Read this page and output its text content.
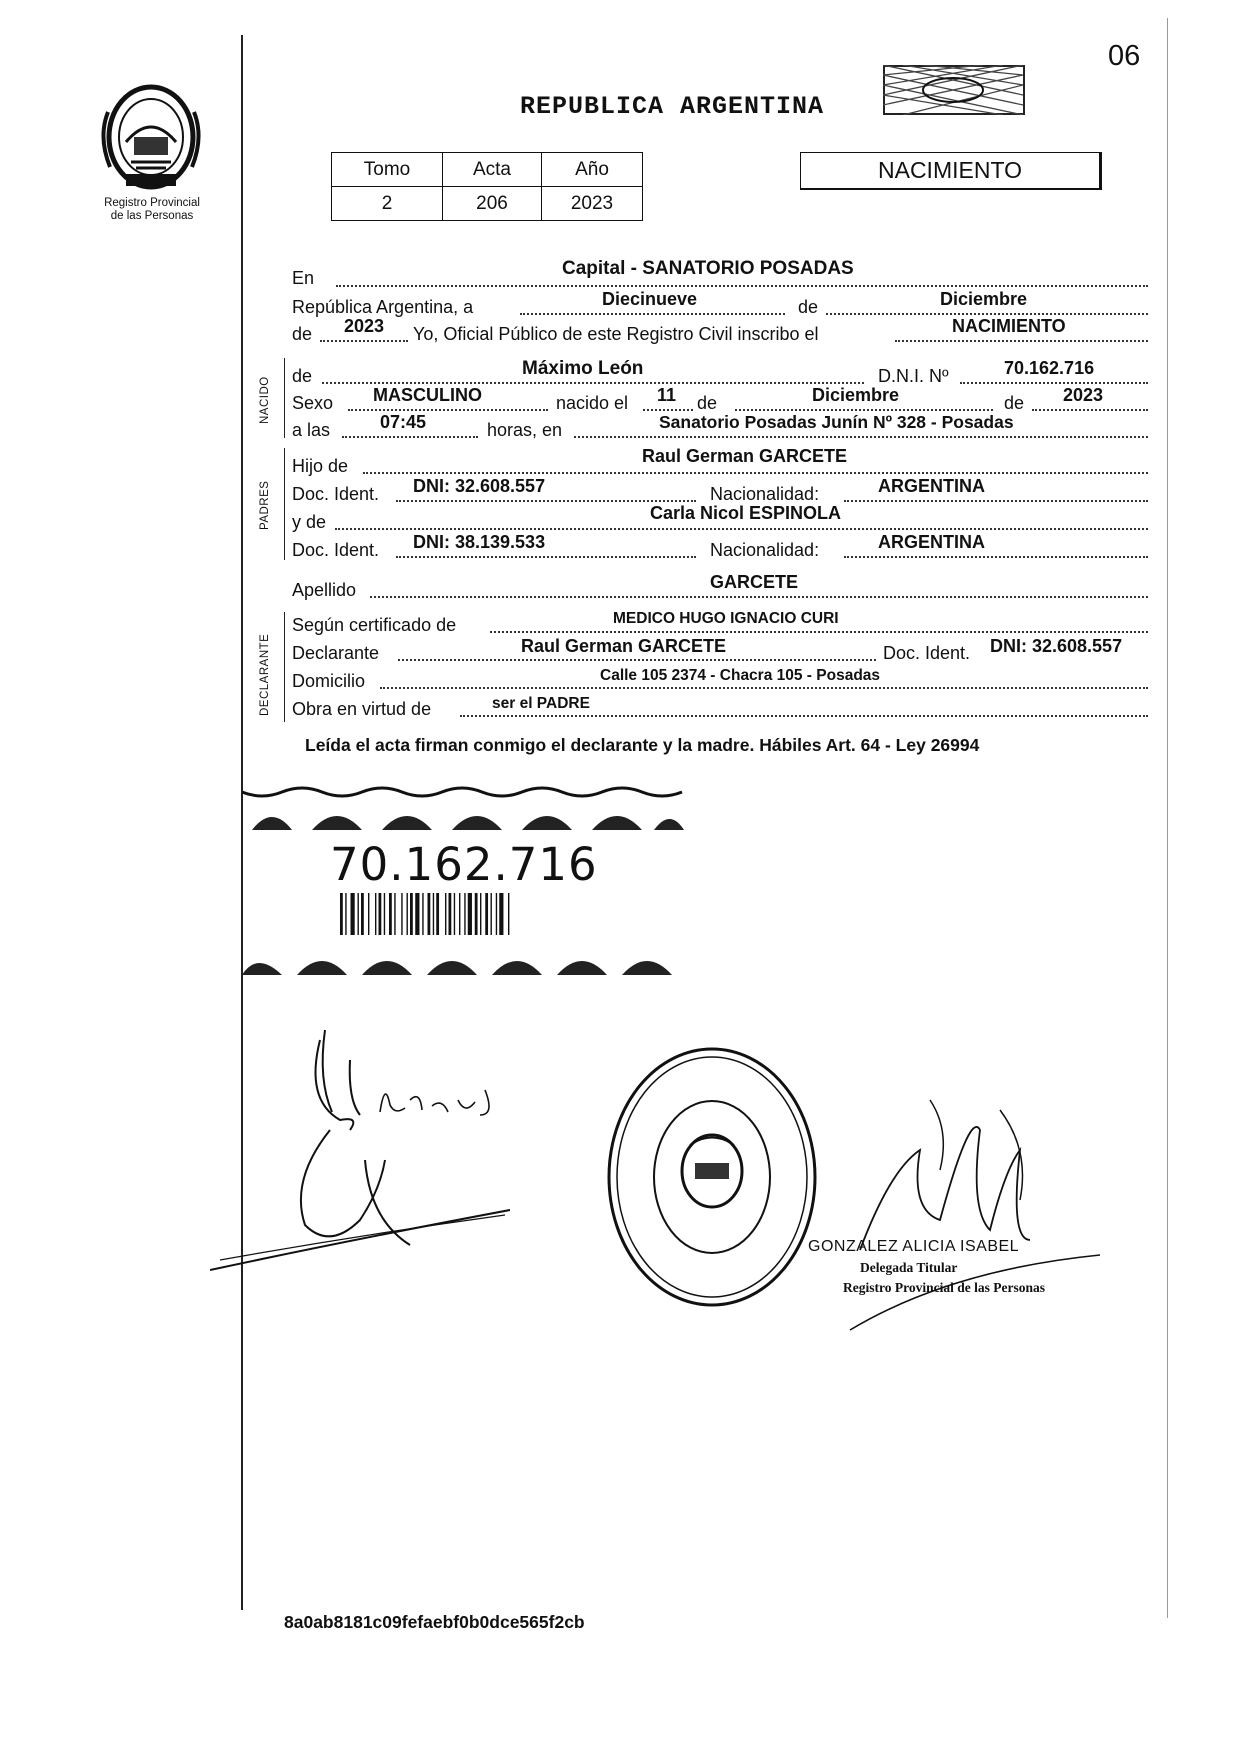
Registro Provincial
de las Personas
06
REPUBLICA ARGENTINA
Tomo	Acta	Año
2	206	2023
NACIMIENTO
En	Capital - SANATORIO POSADAS
República Argentina, a	Diecinueve	de	Diciembre
de 2023 Yo, Oficial Público de este Registro Civil inscribo el	NACIMIENTO
NACIDO
de	Máximo León	D.N.I. Nº	70.162.716
Sexo MASCULINO	nacido el 11 de	Diciembre	de 2023
a las	07:45	horas, en	Sanatorio Posadas Junín Nº 328 - Posadas
PADRES
Hijo de	Raul German GARCETE
Doc. Ident. DNI: 32.608.557	Nacionalidad:	ARGENTINA
y de	Carla Nicol ESPINOLA
Doc. Ident. DNI: 38.139.533	Nacionalidad:	ARGENTINA
Apellido	GARCETE
DECLARANTE
Según certificado de	MEDICO HUGO IGNACIO CURI
Declarante	Raul German GARCETE	Doc. Ident. DNI: 32.608.557
Domicilio	Calle 105 2374 - Chacra 105 - Posadas
Obra en virtud de	ser el PADRE
Leída el acta firman conmigo el declarante y la madre. Hábiles Art. 64 - Ley 26994
70.162.716
GONZALEZ ALICIA ISABEL
Delegada Titular
Registro Provincial de las Personas
8a0ab8181c09fefaebf0b0dce565f2cb
